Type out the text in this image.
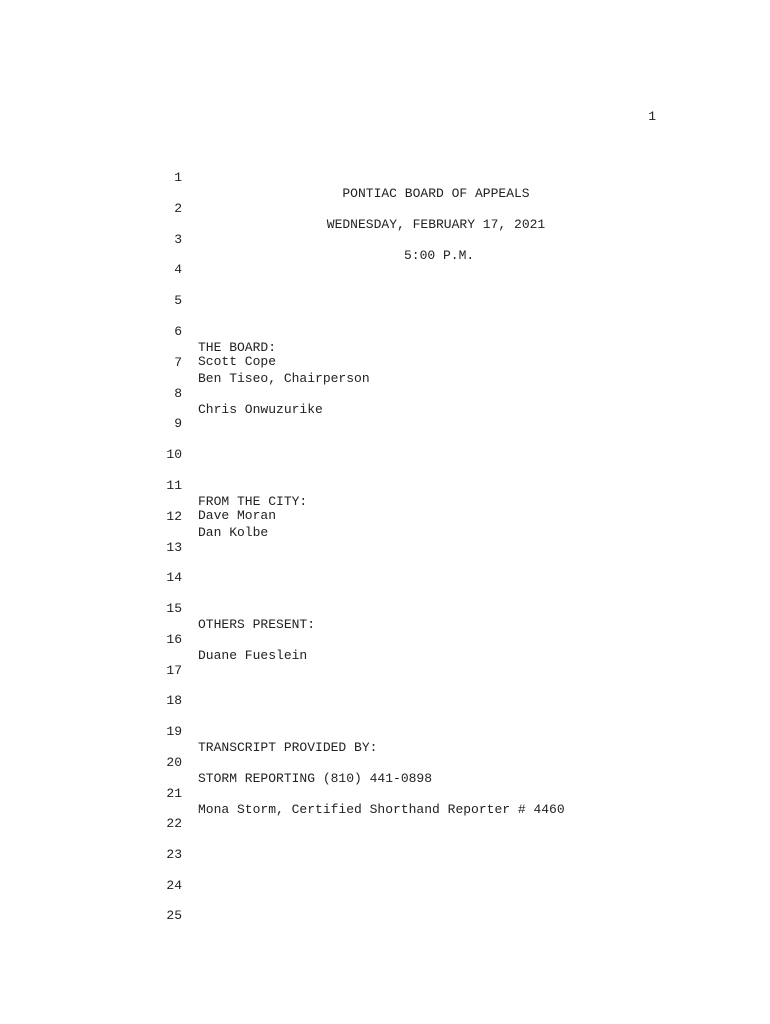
1

1

PONTIAC BOARD OF APPEALS

2

WEDNESDAY, FEBRUARY 17, 2021

3

5:00 P.M.

4

5

6

THE BOARD:

7

Ben Tiseo, Chairperson

Scott Cope

8

Chris Onwuzurike

9

10

11

FROM THE CITY:

12

Dan Kolbe

Dave Moran

13

14

15

OTHERS PRESENT:

16

Duane Fueslein

17

18

19

TRANSCRIPT PROVIDED BY:

20

STORM REPORTING (810) 441-0898

21

Mona Storm, Certified Shorthand Reporter # 4460

22

23

24

25
